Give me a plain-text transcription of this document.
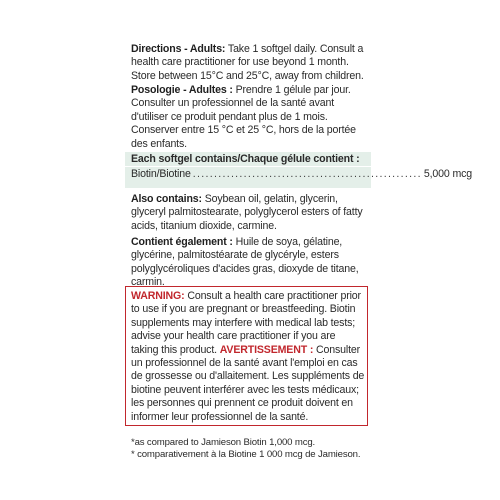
Directions - Adults: Take 1 softgel daily. Consult a health care practitioner for use beyond 1 month. Store between 15°C and 25°C, away from children.

Posologie - Adultes : Prendre 1 gélule par jour. Consulter un professionnel de la santé avant d'utiliser ce produit pendant plus de 1 mois. Conserver entre 15 °C et 25 °C, hors de la portée des enfants.

Each softgel contains/Chaque gélule contient :
Biotin/Biotine ...................................................... 5,000 mcg

Also contains: Soybean oil, gelatin, glycerin, glyceryl palmitostearate, polyglycerol esters of fatty acids, titanium dioxide, carmine.

Contient également : Huile de soya, gélatine, glycérine, palmitostéarate de glycéryle, esters polyglycéroliques d'acides gras, dioxyde de titane, carmin.

WARNING: Consult a health care practitioner prior to use if you are pregnant or breastfeeding. Biotin supplements may interfere with medical lab tests; advise your health care practitioner if you are taking this product. AVERTISSEMENT : Consulter un professionnel de la santé avant l'emploi en cas de grossesse ou d'allaitement. Les suppléments de biotine peuvent interférer avec les tests médicaux; les personnes qui prennent ce produit doivent en informer leur professionnel de la santé.

*as compared to Jamieson Biotin 1,000 mcg.
* comparativement à la Biotine 1 000 mcg de Jamieson.
